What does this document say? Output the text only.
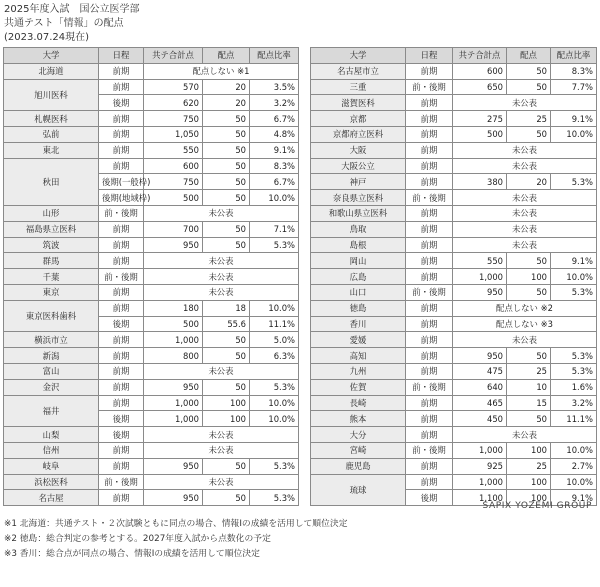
2025年度入試　国公立医学部
共通テスト「情報」の配点
(2023.07.24現在)
大学	日程	共テ合計点	配点	配点比率
北海道	前期	配点しない ※1		
旭川医科	前期	570	20	3.5%
	後期	620	20	3.2%
札幌医科	前期	750	50	6.7%
弘前	前期	1,050	50	4.8%
東北	前期	550	50	9.1%
秋田	前期	600	50	8.3%
	後期(一般枠)	750	50	6.7%
	後期(地域枠)	500	50	10.0%
山形	前・後期	未公表		
福島県立医科	前期	700	50	7.1%
筑波	前期	950	50	5.3%
群馬	前期	未公表		
千葉	前・後期	未公表		
東京	前期	未公表		
東京医科歯科	前期	180	18	10.0%
	後期	500	55.6	11.1%
横浜市立	前期	1,000	50	5.0%
新潟	前期	800	50	6.3%
富山	前期	未公表		
金沢	前期	950	50	5.3%
福井	前期	1,000	100	10.0%
	後期	1,000	100	10.0%
山梨	後期	未公表		
信州	前期	未公表		
岐阜	前期	950	50	5.3%
浜松医科	前・後期	未公表		
名古屋	前期	950	50	5.3%
大学	日程	共テ合計点	配点	配点比率
名古屋市立	前期	600	50	8.3%
三重	前・後期	650	50	7.7%
滋賀医科	前期	未公表		
京都	前期	275	25	9.1%
京都府立医科	前期	500	50	10.0%
大阪	前期	未公表		
大阪公立	前期	未公表		
神戸	前期	380	20	5.3%
奈良県立医科	前・後期	未公表		
和歌山県立医科	前期	未公表		
鳥取	前期	未公表		
島根	前期	未公表		
岡山	前期	550	50	9.1%
広島	前期	1,000	100	10.0%
山口	前・後期	950	50	5.3%
徳島	前期	配点しない ※2		
香川	前期	配点しない ※3		
愛媛	前期	未公表		
高知	前期	950	50	5.3%
九州	前期	475	25	5.3%
佐賀	前・後期	640	10	1.6%
長崎	前期	465	15	3.2%
熊本	前期	450	50	11.1%
大分	前期	未公表		
宮崎	前・後期	1,000	100	10.0%
鹿児島	前期	925	25	2.7%
琉球	前期	1,000	100	10.0%
	後期	1,100	100	9.1%
SAPIX YOZEMI GROUP
※1 北海道：共通テスト・２次試験ともに同点の場合、情報Ⅰの成績を活用して順位決定
※2 徳島：総合判定の参考とする。2027年度入試から点数化の予定
※3 香川：総合点が同点の場合、情報Ⅰの成績を活用して順位決定
